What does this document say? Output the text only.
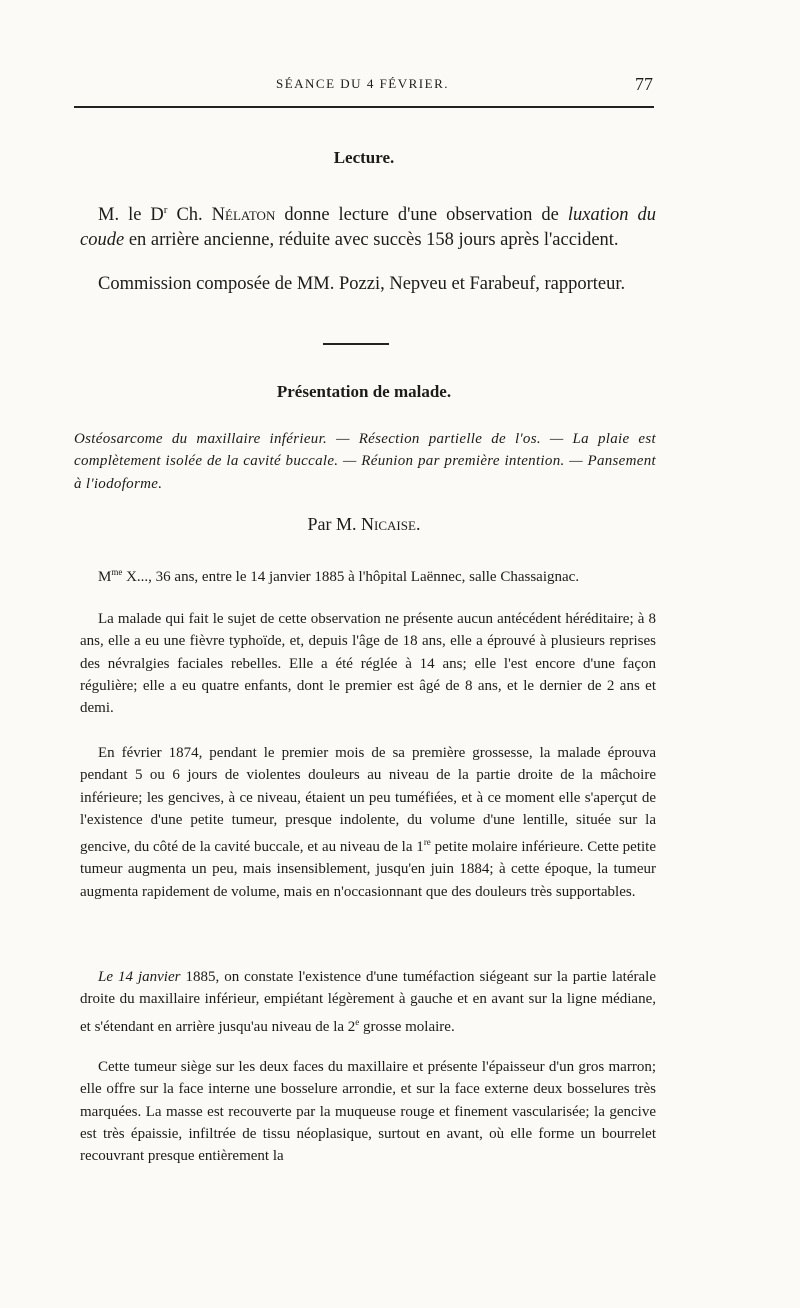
SÉANCE DU 4 FÉVRIER.	77
Lecture.

M. le $D^r$ Ch. Nélaton donne lecture d'une observation de luxation du coude en arrière ancienne, réduite avec succès 158 jours après l'accident.

Commission composée de MM. Pozzi, Nepveu et Farabeuf, rapporteur.

Présentation de malade.

Ostéosarcome du maxillaire inférieur. — Résection partielle de l'os. — La plaie est complètement isolée de la cavité buccale. — Réunion par première intention. — Pansement à l'iodoforme.

Par M. Nicaise.

$M^{me}$ X..., 36 ans, entre le 14 janvier 1885 à l'hôpital Laënnec, salle Chassaignac.

La malade qui fait le sujet de cette observation ne présente aucun antécédent héréditaire; à 8 ans, elle a eu une fièvre typhoïde, et, depuis l'âge de 18 ans, elle a éprouvé à plusieurs reprises des névralgies faciales rebelles. Elle a été réglée à 14 ans; elle l'est encore d'une façon régulière; elle a eu quatre enfants, dont le premier est âgé de 8 ans, et le dernier de 2 ans et demi.

En février 1874, pendant le premier mois de sa première grossesse, la malade éprouva pendant 5 ou 6 jours de violentes douleurs au niveau de la partie droite de la mâchoire inférieure; les gencives, à ce niveau, étaient un peu tuméfiées, et à ce moment elle s'aperçut de l'existence d'une petite tumeur, presque indolente, du volume d'une lentille, située sur la gencive, du côté de la cavité buccale, et au niveau de la 1re petite molaire inférieure. Cette petite tumeur augmenta un peu, mais insensiblement, jusqu'en juin 1884; à cette époque, la tumeur augmenta rapidement de volume, mais en n'occasionnant que des douleurs très supportables.

Le 14 janvier 1885, on constate l'existence d'une tuméfaction siégeant sur la partie latérale droite du maxillaire inférieur, empiétant légèrement à gauche et en avant sur la ligne médiane, et s'étendant en arrière jusqu'au niveau de la 2e grosse molaire.

Cette tumeur siège sur les deux faces du maxillaire et présente l'épaisseur d'un gros marron; elle offre sur la face interne une bosselure arrondie, et sur la face externe deux bosselures très marquées. La masse est recouverte par la muqueuse rouge et finement vascularisée; la gencive est très épaissie, infiltrée de tissu néoplasique, surtout en avant, où elle forme un bourrelet recouvrant presque entièrement la
